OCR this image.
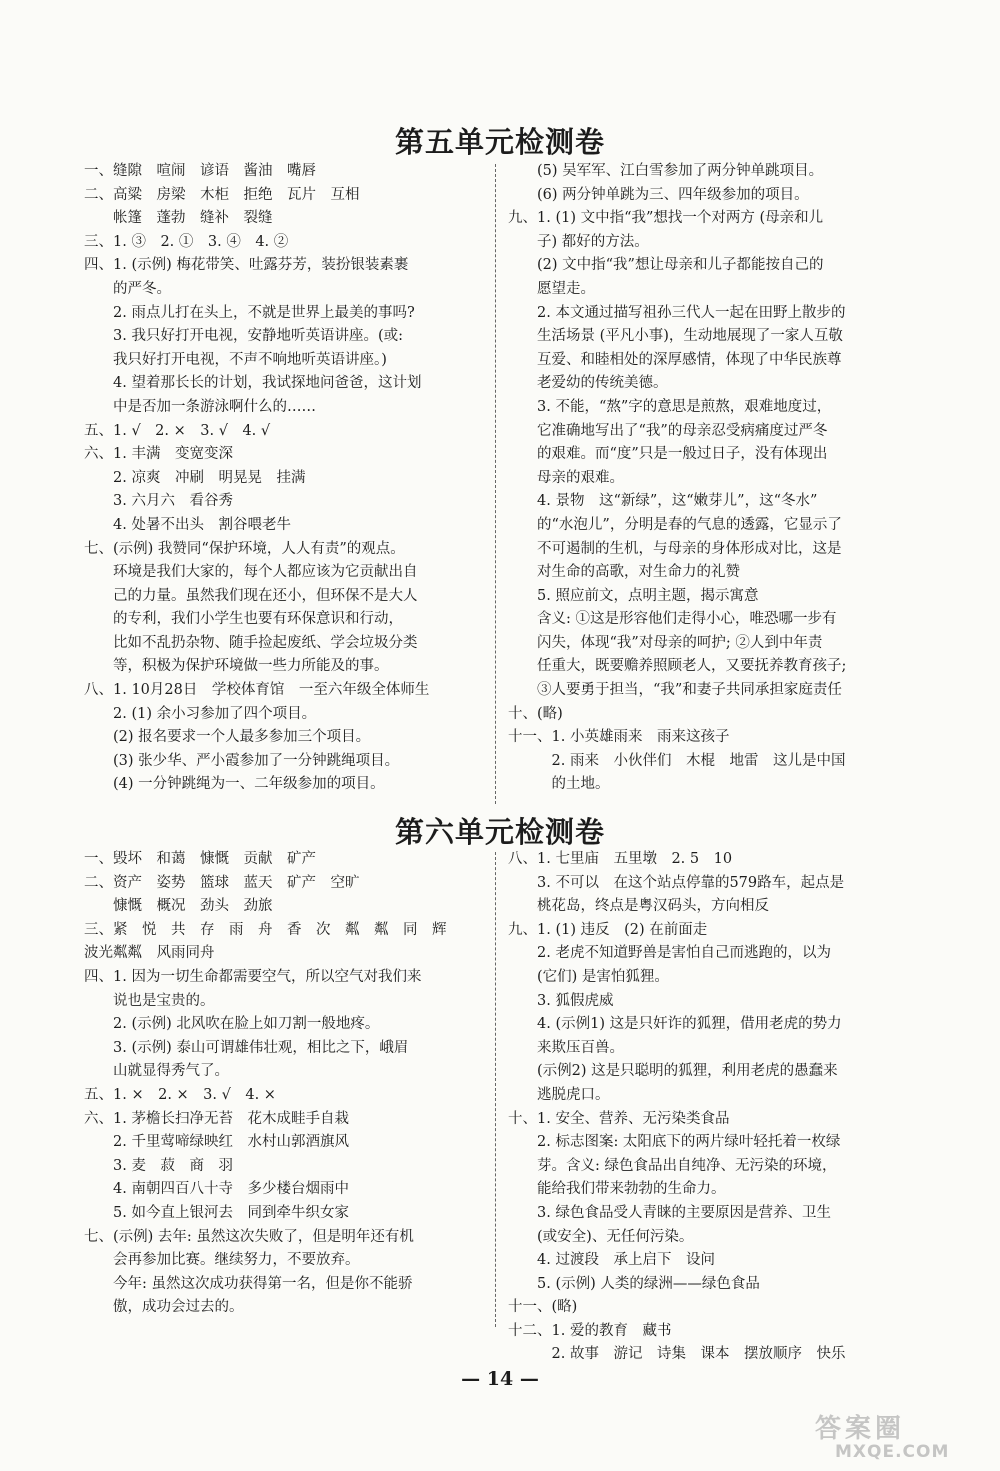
第五单元检测卷
一、缝隙　喧闹　谚语　酱油　嘴唇
二、高粱　房梁　木柜　拒绝　瓦片　互相
　　帐篷　蓬勃　缝补　裂缝
三、1. ③　2. ①　3. ④　4. ②
四、1. (示例) 梅花带笑、吐露芬芳，装扮银装素裹
　　的严冬。
　　2. 雨点儿打在头上，不就是世界上最美的事吗?
　　3. 我只好打开电视，安静地听英语讲座。(或:
　　我只好打开电视，不声不响地听英语讲座。)
　　4. 望着那长长的计划，我试探地问爸爸，这计划
　　中是否加一条游泳啊什么的……
五、1. √　2. ×　3. √　4. √
六、1. 丰满　变宽变深
　　2. 凉爽　冲刷　明晃晃　挂满
　　3. 六月六　看谷秀
　　4. 处暑不出头　割谷喂老牛
七、(示例) 我赞同“保护环境，人人有责”的观点。
　　环境是我们大家的，每个人都应该为它贡献出自
　　己的力量。虽然我们现在还小，但环保不是大人
　　的专利，我们小学生也要有环保意识和行动，
　　比如不乱扔杂物、随手捡起废纸、学会垃圾分类
　　等，积极为保护环境做一些力所能及的事。
八、1. 10月28日　学校体育馆　一至六年级全体师生
　　2. (1) 余小习参加了四个项目。
　　(2) 报名要求一个人最多参加三个项目。
　　(3) 张少华、严小霞参加了一分钟跳绳项目。
　　(4) 一分钟跳绳为一、二年级参加的项目。
　　(5) 吴军军、江白雪参加了两分钟单跳项目。
　　(6) 两分钟单跳为三、四年级参加的项目。
九、1. (1) 文中指“我”想找一个对两方 (母亲和儿
　　子) 都好的方法。
　　(2) 文中指“我”想让母亲和儿子都能按自己的
　　愿望走。
　　2. 本文通过描写祖孙三代人一起在田野上散步的
　　生活场景 (平凡小事)，生动地展现了一家人互敬
　　互爱、和睦相处的深厚感情，体现了中华民族尊
　　老爱幼的传统美德。
　　3. 不能，“熬”字的意思是煎熬，艰难地度过，
　　它准确地写出了“我”的母亲忍受病痛度过严冬
　　的艰难。而“度”只是一般过日子，没有体现出
　　母亲的艰难。
　　4. 景物　这“新绿”，这“嫩芽儿”，这“冬水”
　　的“水泡儿”，分明是春的气息的透露，它显示了
　　不可遏制的生机，与母亲的身体形成对比，这是
　　对生命的高歌，对生命力的礼赞
　　5. 照应前文，点明主题，揭示寓意
　　含义: ①这是形容他们走得小心，唯恐哪一步有
　　闪失，体现“我”对母亲的呵护; ②人到中年责
　　任重大，既要赡养照顾老人，又要抚养教育孩子;
　　③人要勇于担当，“我”和妻子共同承担家庭责任
十、(略)
十一、1. 小英雄雨来　雨来这孩子
　　　2. 雨来　小伙伴们　木棍　地雷　这儿是中国
　　　的土地。
第六单元检测卷
一、毁坏　和蔼　慷慨　贡献　矿产
二、资产　姿势　篮球　蓝天　矿产　空旷
　　慷慨　概况　劲头　劲旅
三、紧　悦　共　存　雨　舟　香　次　粼　粼　同　辉
波光粼粼　风雨同舟
四、1. 因为一切生命都需要空气，所以空气对我们来
　　说也是宝贵的。
　　2. (示例) 北风吹在脸上如刀割一般地疼。
　　3. (示例) 泰山可谓雄伟壮观，相比之下，峨眉
　　山就显得秀气了。
五、1. ×　2. ×　3. √　4. ×
六、1. 茅檐长扫净无苔　花木成畦手自栽
　　2. 千里莺啼绿映红　水村山郭酒旗风
　　3. 麦　菽　商　羽
　　4. 南朝四百八十寺　多少楼台烟雨中
　　5. 如今直上银河去　同到牵牛织女家
七、(示例) 去年: 虽然这次失败了，但是明年还有机
　　会再参加比赛。继续努力，不要放弃。
　　今年: 虽然这次成功获得第一名，但是你不能骄
　　傲，成功会过去的。
八、1. 七里庙　五里墩　2. 5　10
　　3. 不可以　在这个站点停靠的579路车，起点是
　　桃花岛，终点是粤汉码头，方向相反
九、1. (1) 违反　(2) 在前面走
　　2. 老虎不知道野兽是害怕自己而逃跑的，以为
　　(它们) 是害怕狐狸。
　　3. 狐假虎威
　　4. (示例1) 这是只奸诈的狐狸，借用老虎的势力
　　来欺压百兽。
　　(示例2) 这是只聪明的狐狸，利用老虎的愚蠢来
　　逃脱虎口。
十、1. 安全、营养、无污染类食品
　　2. 标志图案: 太阳底下的两片绿叶轻托着一枚绿
　　芽。含义: 绿色食品出自纯净、无污染的环境，
　　能给我们带来勃勃的生命力。
　　3. 绿色食品受人青睐的主要原因是营养、卫生
　　(或安全)、无任何污染。
　　4. 过渡段　承上启下　设问
　　5. (示例) 人类的绿洲——绿色食品
十一、(略)
十二、1. 爱的教育　藏书
　　　2. 故事　游记　诗集　课本　摆放顺序　快乐
— 14 —
答案圈
MXQE.COM
